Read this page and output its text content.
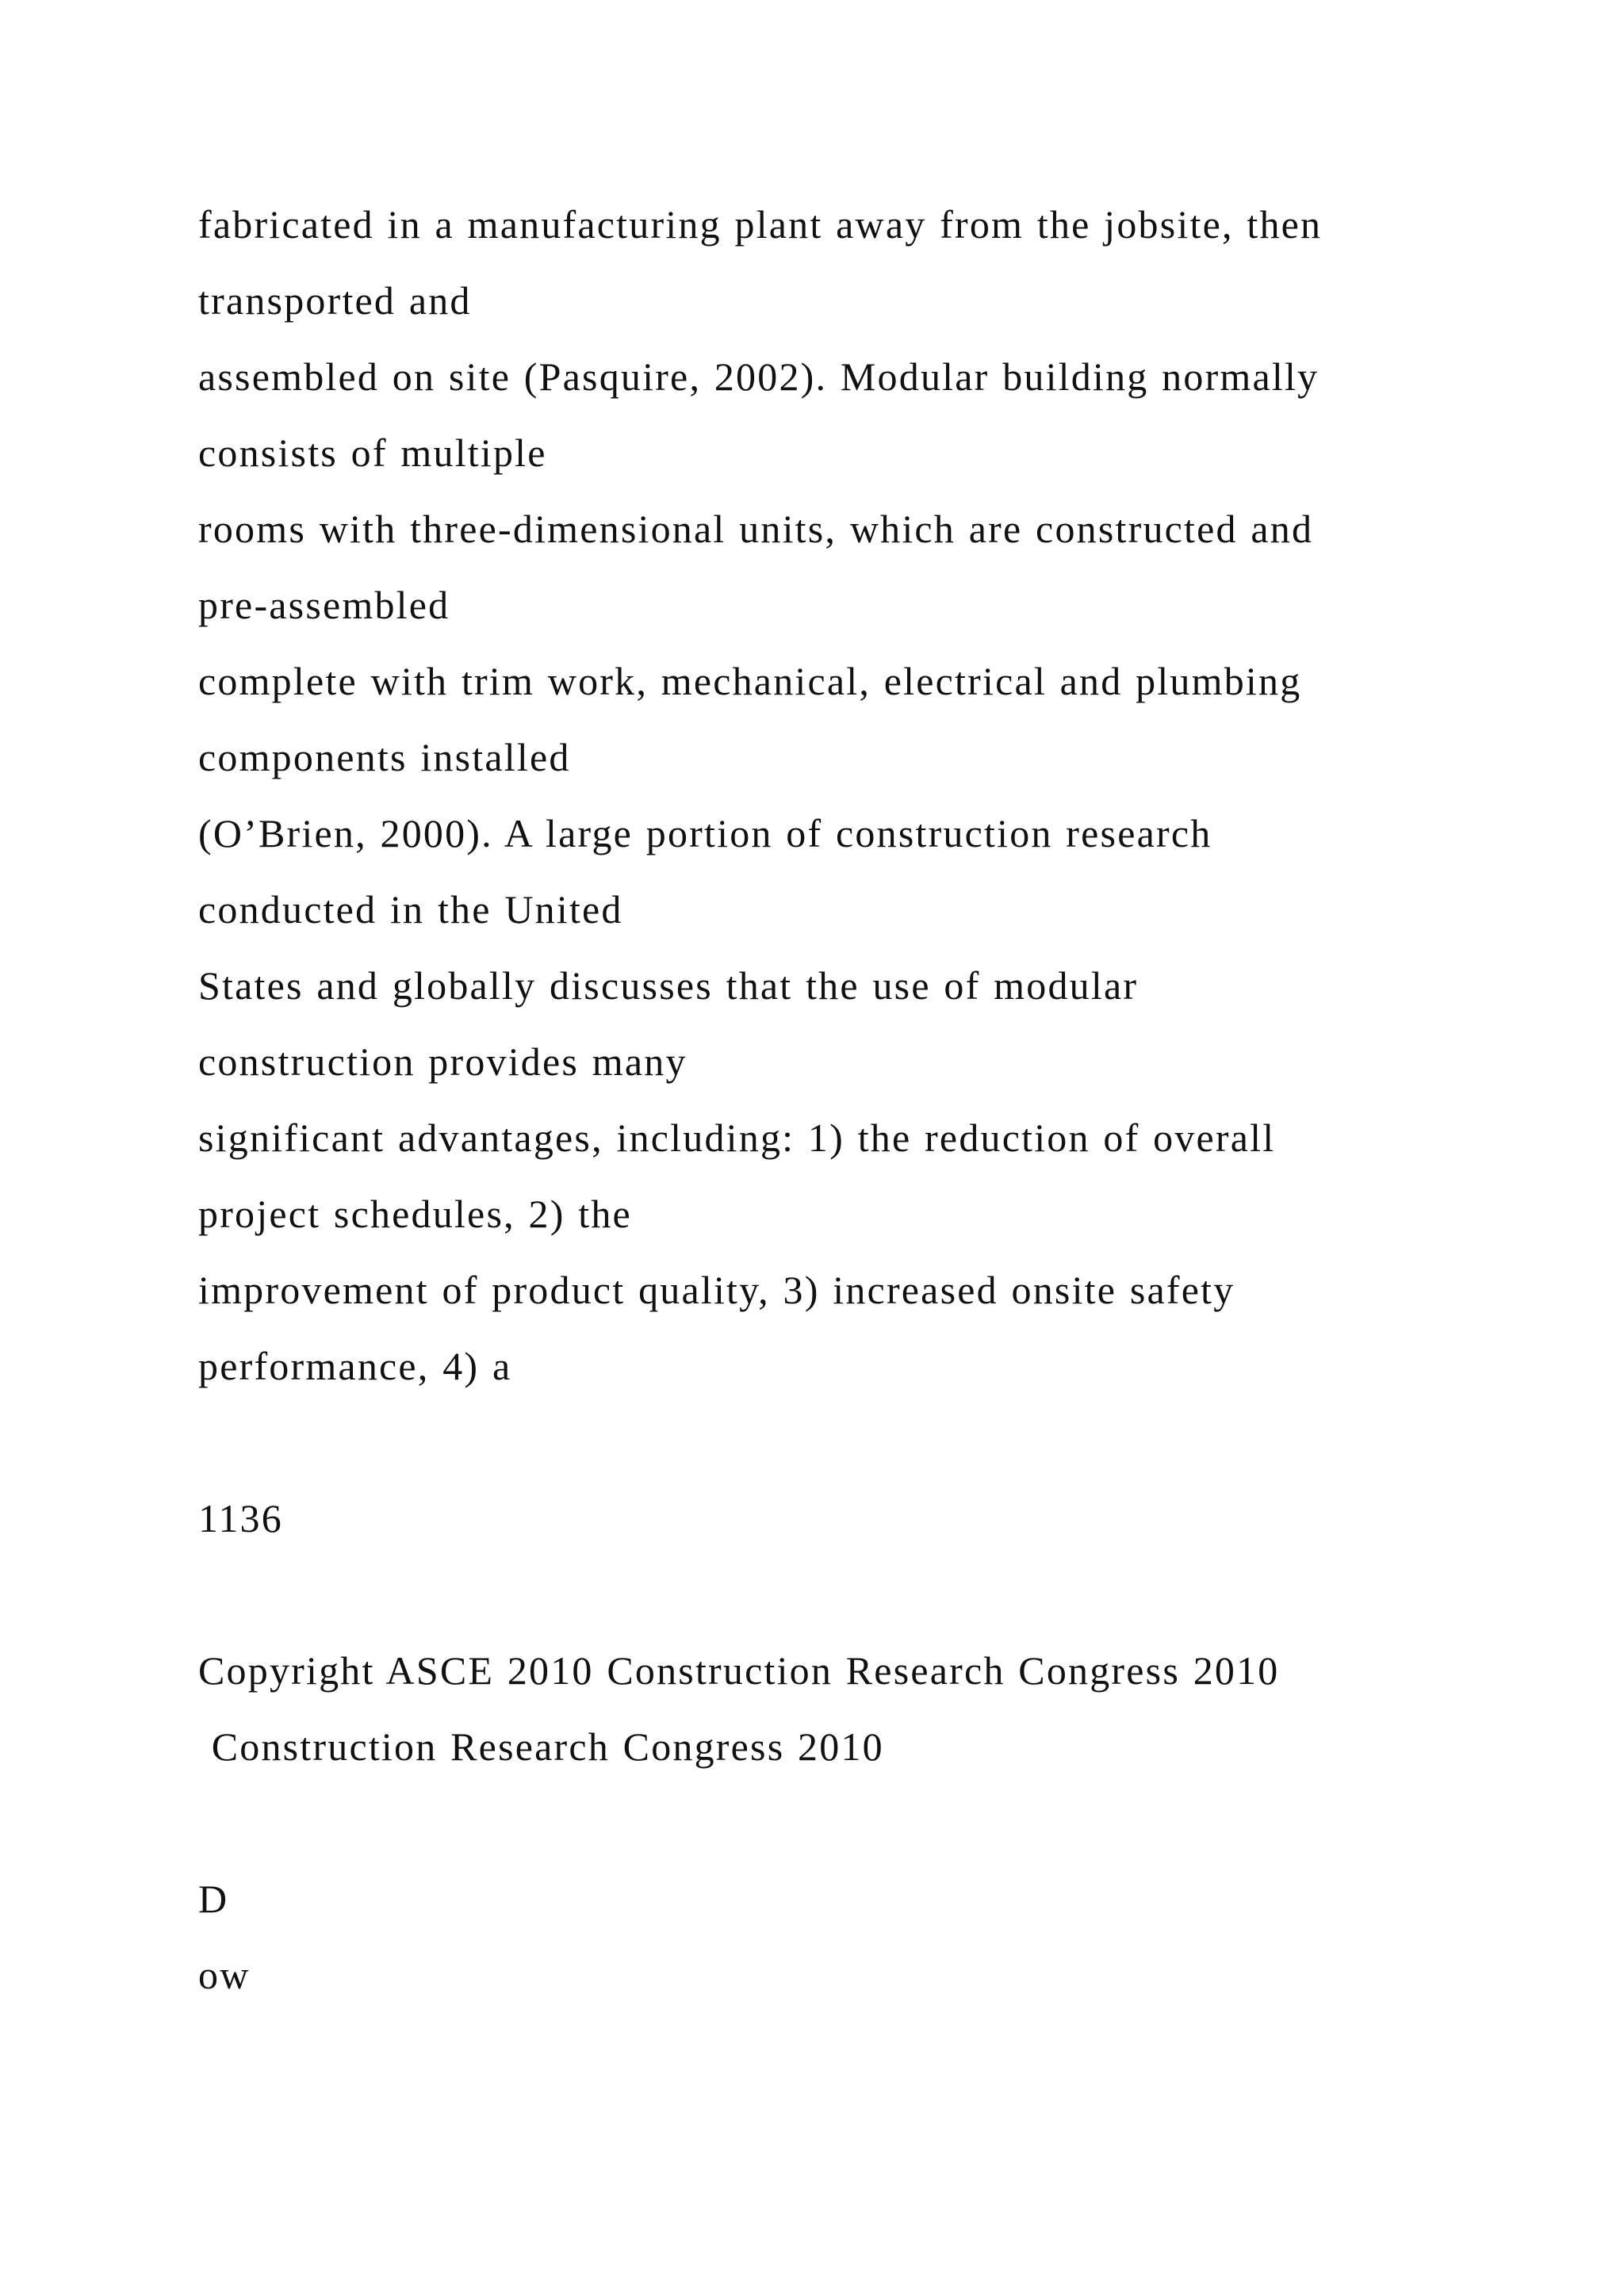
fabricated in a manufacturing plant away from the jobsite, then

transported and

assembled on site (Pasquire, 2002). Modular building normally

consists of multiple

rooms with three-dimensional units, which are constructed and

pre-assembled

complete with trim work, mechanical, electrical and plumbing

components installed

(O’Brien, 2000). A large portion of construction research

conducted in the United

States and globally discusses that the use of modular

construction provides many

significant advantages, including: 1) the reduction of overall

project schedules, 2) the

improvement of product quality, 3) increased onsite safety

performance, 4) a

1136

Copyright ASCE 2010 Construction Research Congress 2010

Construction Research Congress 2010

D

ow
